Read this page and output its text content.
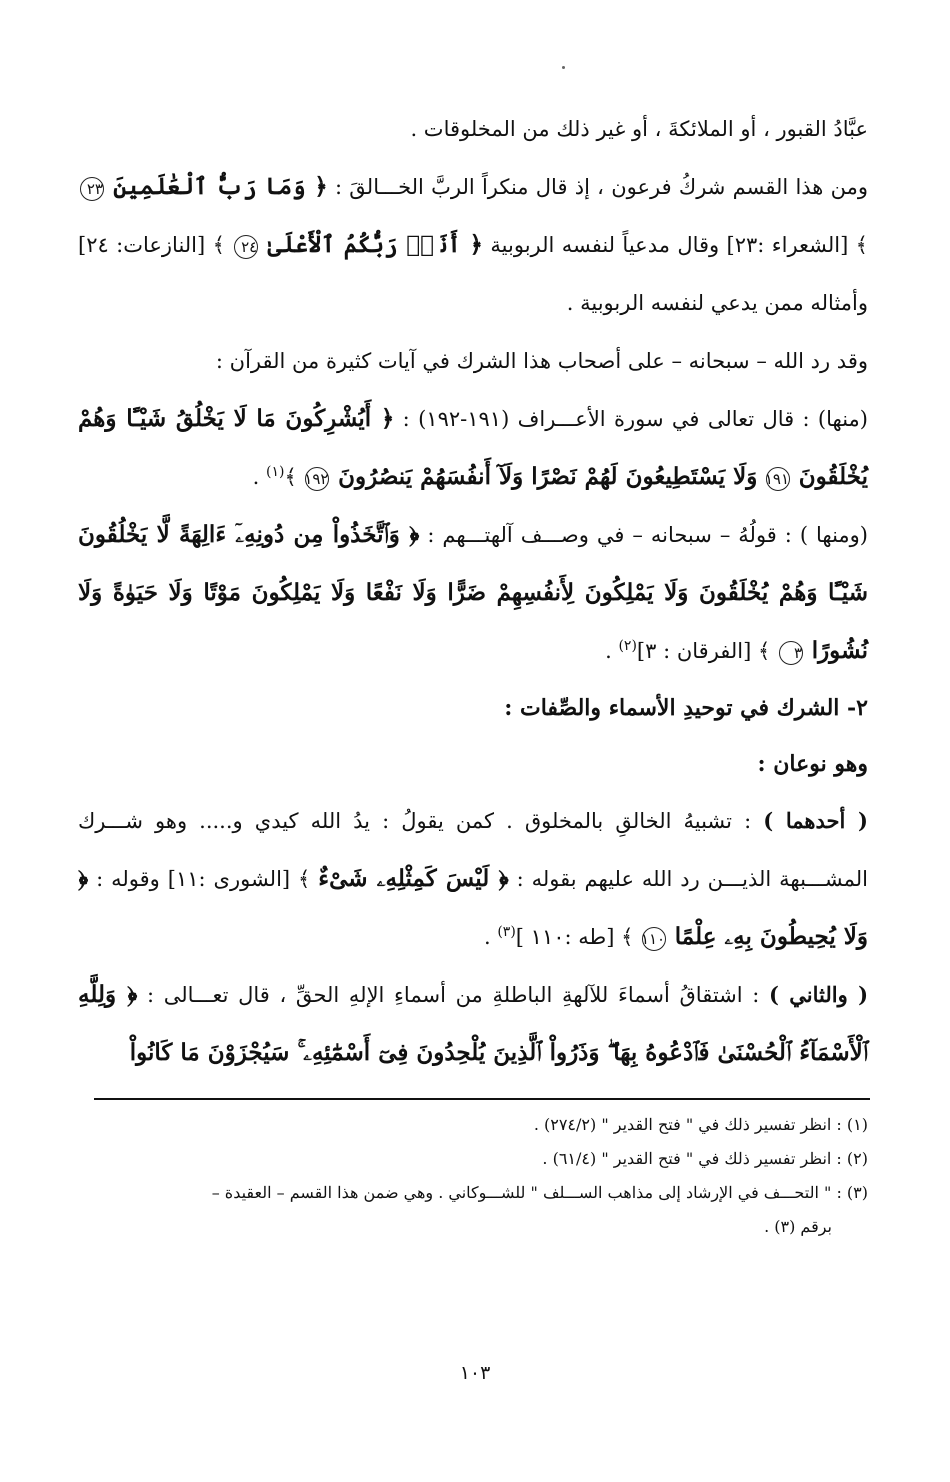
عبَّادُ القبور ، أو الملائكةَ ، أو غير ذلك من المخلوقات .

ومن هذا القسم شركُ فرعون ، إذ قال منكراً الربَّ الخـــالقَ : ﴿ وَمَا رَبُّ ٱلْعَٰلَمِينَ ٢٣ ﴾ [الشعراء :٢٣] وقال مدعياً لنفسه الربوبية ﴿ أَنَا۠ رَبُّكُمُ ٱلْأَعْلَىٰ ٢٤ ﴾ [النازعات: ٢٤] وأمثاله ممن يدعي لنفسه الربوبية .

وقد رد الله – سبحانه – على أصحاب هذا الشرك في آيات كثيرة من القرآن :

(منها) : قال تعالى في سورة الأعـــراف (١٩١-١٩٢) : ﴿ أَيُشْرِكُونَ مَا لَا يَخْلُقُ شَيْـًٔا وَهُمْ يُخْلَقُونَ ١٩١ وَلَا يَسْتَطِيعُونَ لَهُمْ نَصْرًا وَلَآ أَنفُسَهُمْ يَنصُرُونَ ١٩٢ ﴾$^{(١)}$ .

(ومنها ) : قولُهُ – سبحانه – في وصـــف آلهتـــهم : ﴿ وَٱتَّخَذُواْ مِن دُونِهِۦٓ ءَالِهَةً لَّا يَخْلُقُونَ شَيْـًٔا وَهُمْ يُخْلَقُونَ وَلَا يَمْلِكُونَ لِأَنفُسِهِمْ ضَرًّا وَلَا نَفْعًا وَلَا يَمْلِكُونَ مَوْتًا وَلَا حَيَوٰةً وَلَا نُشُورًا ٣ ﴾ [الفرقان : ٣]$^{(٢)}$ .

٢- الشرك في توحيدِ الأسماء والصِّفات :

وهو نوعان :

( أحدهما ) : تشبيهُ الخالقِ بالمخلوق . كمن يقولُ : يدُ الله كيدي و..... وهو شـــرك المشـــبهة الذيـــن رد الله عليهم بقوله : ﴿ لَيْسَ كَمِثْلِهِۦ شَىْءٌ ﴾ [الشورى :١١] وقوله : ﴿ وَلَا يُحِيطُونَ بِهِۦ عِلْمًا ١١٠ ﴾ [طه :١١٠ ]$^{(٣)}$ .

( والثاني ) : اشتقاقُ أسماءَ للآلهةِ الباطلةِ من أسماءِ الإلهِ الحقِّ ، قال تعـــالى : ﴿ وَلِلَّهِ ٱلْأَسْمَآءُ ٱلْحُسْنَىٰ فَٱدْعُوهُ بِهَا ۖ وَذَرُواْ ٱلَّذِينَ يُلْحِدُونَ فِىٓ أَسْمَٰٓئِهِۦ ۚ سَيُجْزَوْنَ مَا كَانُواْ

(١) : انظر تفسير ذلك في " فتح القدير " (٢٧٤/٢) .

(٢) : انظر تفسير ذلك في " فتح القدير " (٦١/٤) .

(٣) : " التحـــف في الإرشاد إلى مذاهب الســـلف " للشـــوكاني . وهي ضمن هذا القسم – العقيدة –

برقم (٣) .

١٠٣
